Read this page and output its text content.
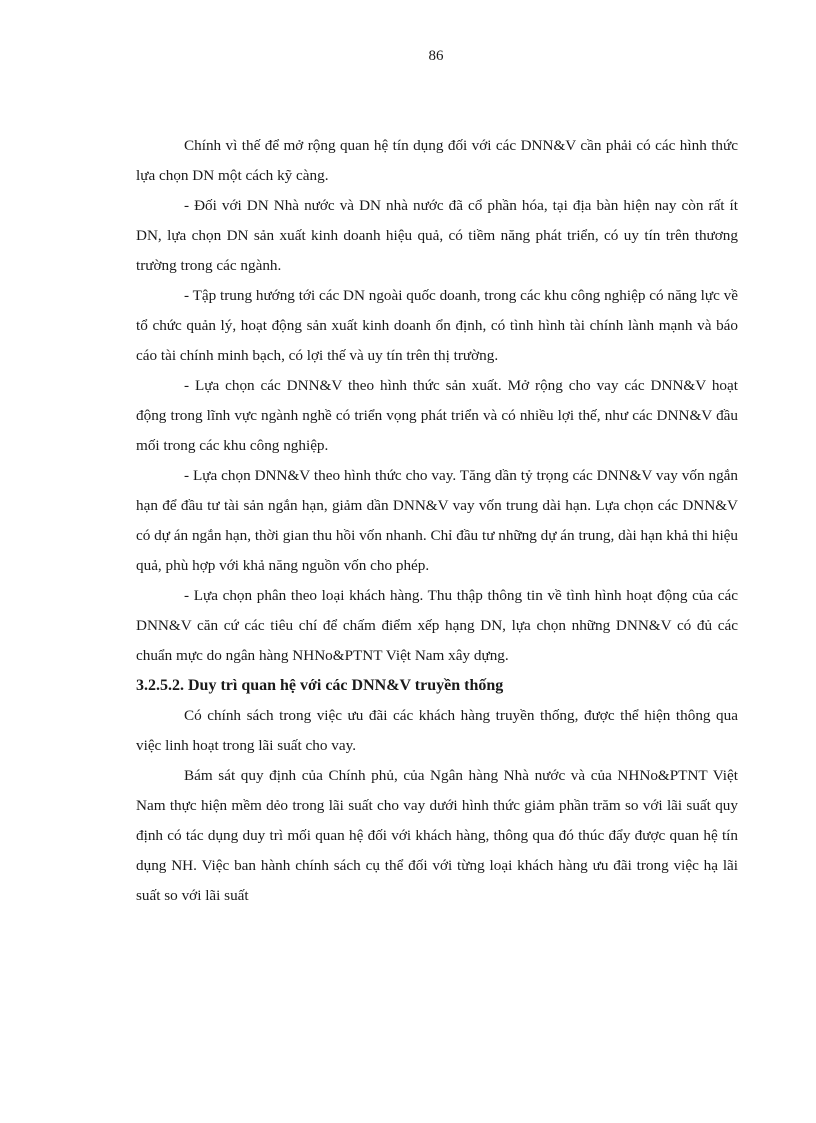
86

Chính vì thế để mở rộng quan hệ tín dụng đối với các DNN&V cần phải có các hình thức lựa chọn DN một cách kỹ càng.

- Đối với DN Nhà nước và DN nhà nước đã cổ phần hóa, tại địa bàn hiện nay còn rất ít DN, lựa chọn DN sản xuất kinh doanh hiệu quả, có tiềm năng phát triển, có uy tín trên thương trường trong các ngành.

- Tập trung hướng tới các DN ngoài quốc doanh, trong các khu công nghiệp có năng lực về tổ chức quản lý, hoạt động sản xuất kinh doanh ổn định, có tình hình tài chính lành mạnh và báo cáo tài chính minh bạch, có lợi thế và uy tín trên thị trường.

- Lựa chọn các DNN&V theo hình thức sản xuất. Mở rộng cho vay các DNN&V hoạt động trong lĩnh vực ngành nghề có triển vọng phát triển và có nhiều lợi thế, như các DNN&V đầu mối trong các khu công nghiệp.

- Lựa chọn DNN&V theo hình thức cho vay. Tăng dần tỷ trọng các DNN&V vay vốn ngắn hạn để đầu tư tài sản ngắn hạn, giảm dần DNN&V vay vốn trung dài hạn. Lựa chọn các DNN&V có dự án ngắn hạn, thời gian thu hồi vốn nhanh. Chỉ đầu tư những dự án trung, dài hạn khả thi hiệu quả, phù hợp với khả năng nguồn vốn cho phép.

- Lựa chọn phân theo loại khách hàng. Thu thập thông tin về tình hình hoạt động của các DNN&V căn cứ các tiêu chí để chấm điểm xếp hạng DN, lựa chọn những DNN&V có đủ các chuẩn mực do ngân hàng NHNo&PTNT Việt Nam xây dựng.

3.2.5.2. Duy trì quan hệ với các DNN&V truyền thống

Có chính sách trong việc ưu đãi các khách hàng truyền thống, được thể hiện thông qua việc linh hoạt trong lãi suất cho vay.

Bám sát quy định của Chính phủ, của Ngân hàng Nhà nước và của NHNo&PTNT Việt Nam thực hiện mềm dẻo trong lãi suất cho vay dưới hình thức giảm phần trăm so với lãi suất quy định có tác dụng duy trì mối quan hệ đối với khách hàng, thông qua đó thúc đẩy được quan hệ tín dụng NH. Việc ban hành chính sách cụ thể đối với từng loại khách hàng ưu đãi trong việc hạ lãi suất so với lãi suất
